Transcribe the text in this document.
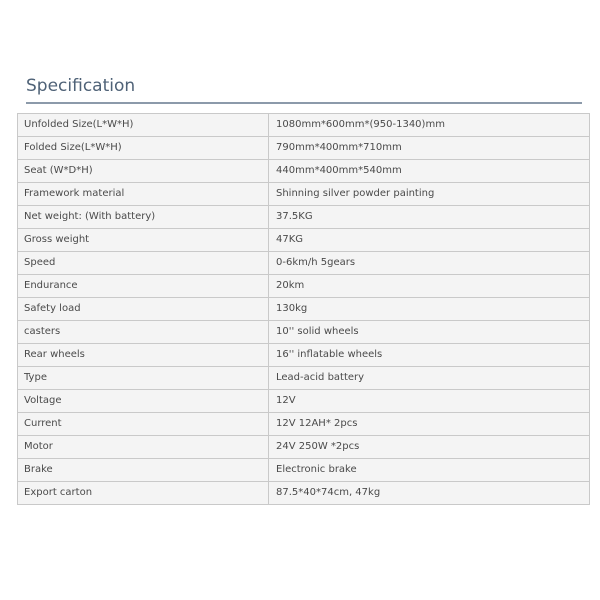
Specification
Unfolded Size(L*W*H)	1080mm*600mm*(950-1340)mm
Folded Size(L*W*H)	790mm*400mm*710mm
Seat (W*D*H)	440mm*400mm*540mm
Framework material	Shinning silver powder painting
Net weight: (With battery)	37.5KG
Gross weight	47KG
Speed	0-6km/h 5gears
Endurance	20km
Safety load	130kg
casters	10'' solid wheels
Rear wheels	16'' inflatable wheels
Type	Lead-acid battery
Voltage	12V
Current	12V 12AH* 2pcs
Motor	24V 250W *2pcs
Brake	Electronic brake
Export carton	87.5*40*74cm, 47kg
